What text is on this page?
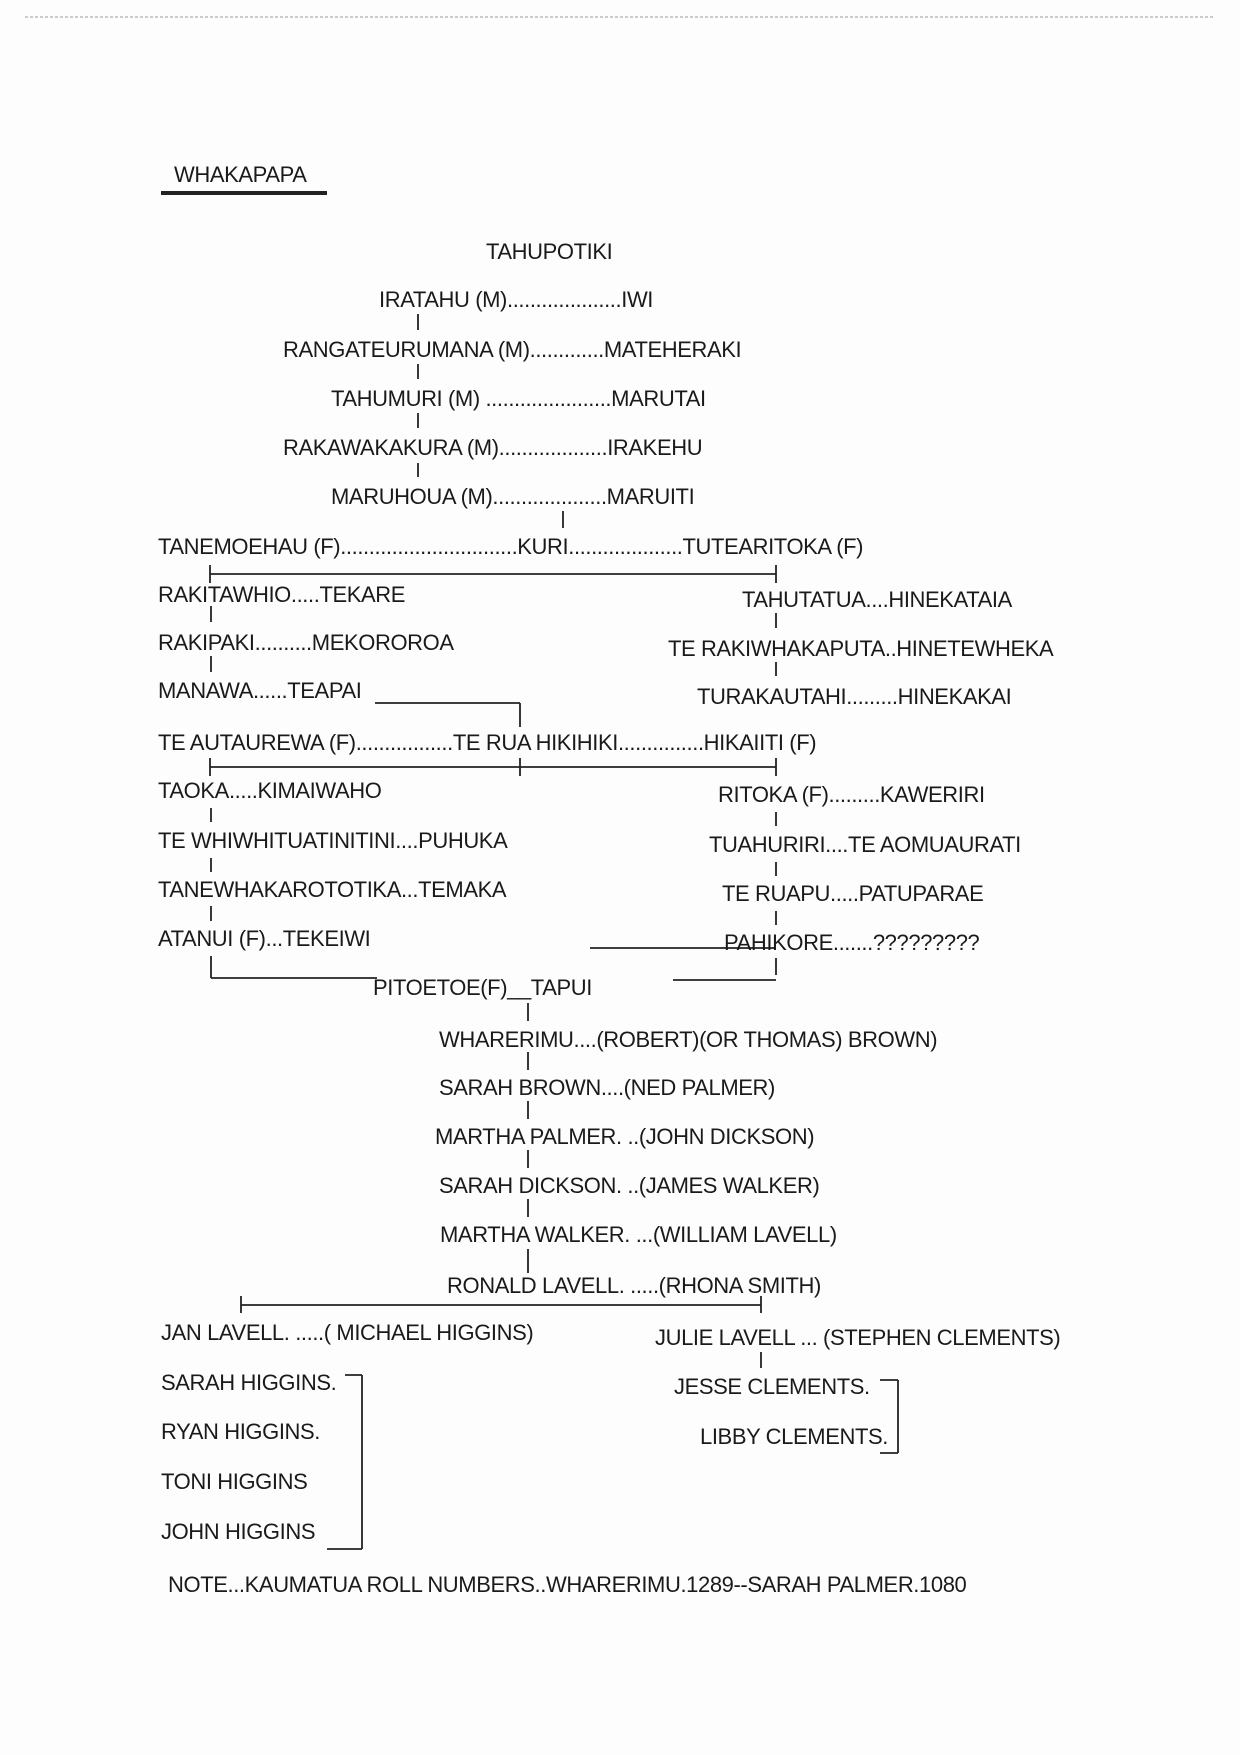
WHAKAPAPA
TAHUPOTIKI
IRATAHU (M)....................IWI
RANGATEURUMANA (M).............MATEHERAKI
TAHUMURI (M) ......................MARUTAI
RAKAWAKAKURA (M)...................IRAKEHU
MARUHOUA (M)....................MARUITI
TANEMOEHAU (F)...............................KURI....................TUTEARITOKA (F)
RAKITAWHIO.....TEKARE
RAKIPAKI..........MEKOROROA
MANAWA......TEAPAI
TAHUTATUA....HINEKATAIA
TE RAKIWHAKAPUTA..HINETEWHEKA
TURAKAUTAHI.........HINEKAKAI
TE AUTAUREWA (F).................TE RUA HIKIHIKI...............HIKAIITI (F)
TAOKA.....KIMAIWAHO
TE WHIWHITUATINITINI....PUHUKA
TANEWHAKAROTOTIKA...TEMAKA
ATANUI (F)...TEKEIWI
RITOKA (F).........KAWERIRI
TUAHURIRI....TE AOMUAURATI
TE RUAPU.....PATUPARAE
PAHIKORE.......?????????
PITOETOE(F)__TAPUI
WHARERIMU....(ROBERT)(OR THOMAS) BROWN)
SARAH BROWN....(NED PALMER)
MARTHA PALMER. ..(JOHN DICKSON)
SARAH DICKSON. ..(JAMES WALKER)
MARTHA WALKER. ...(WILLIAM LAVELL)
RONALD LAVELL. .....(RHONA SMITH)
JAN LAVELL. .....( MICHAEL HIGGINS)	JULIE LAVELL ... (STEPHEN CLEMENTS)
SARAH HIGGINS.
RYAN HIGGINS.
TONI HIGGINS
JOHN HIGGINS
JESSE CLEMENTS.
LIBBY CLEMENTS.
NOTE...KAUMATUA ROLL NUMBERS..WHARERIMU.1289--SARAH PALMER.1080
